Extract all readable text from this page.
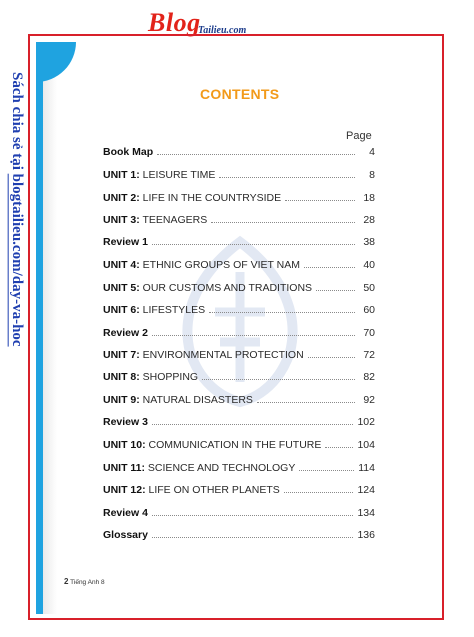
Blog
Tailieu.com
Sách chia sẻ tại blogtailieu.com/day-va-hoc
CONTENTS
Page
Book Map	4
UNIT 1: LEISURE TIME	8
UNIT 2: LIFE IN THE COUNTRYSIDE	18
UNIT 3: TEENAGERS	28
Review 1	38
UNIT 4: ETHNIC GROUPS OF VIET NAM	40
UNIT 5: OUR CUSTOMS AND TRADITIONS	50
UNIT 6: LIFESTYLES	60
Review 2	70
UNIT 7: ENVIRONMENTAL PROTECTION	72
UNIT 8: SHOPPING	82
UNIT 9: NATURAL DISASTERS	92
Review 3	102
UNIT 10: COMMUNICATION IN THE FUTURE	104
UNIT 11: SCIENCE AND TECHNOLOGY	114
UNIT 12: LIFE ON OTHER PLANETS	124
Review 4	134
Glossary	136
2 Tiếng Anh 8
